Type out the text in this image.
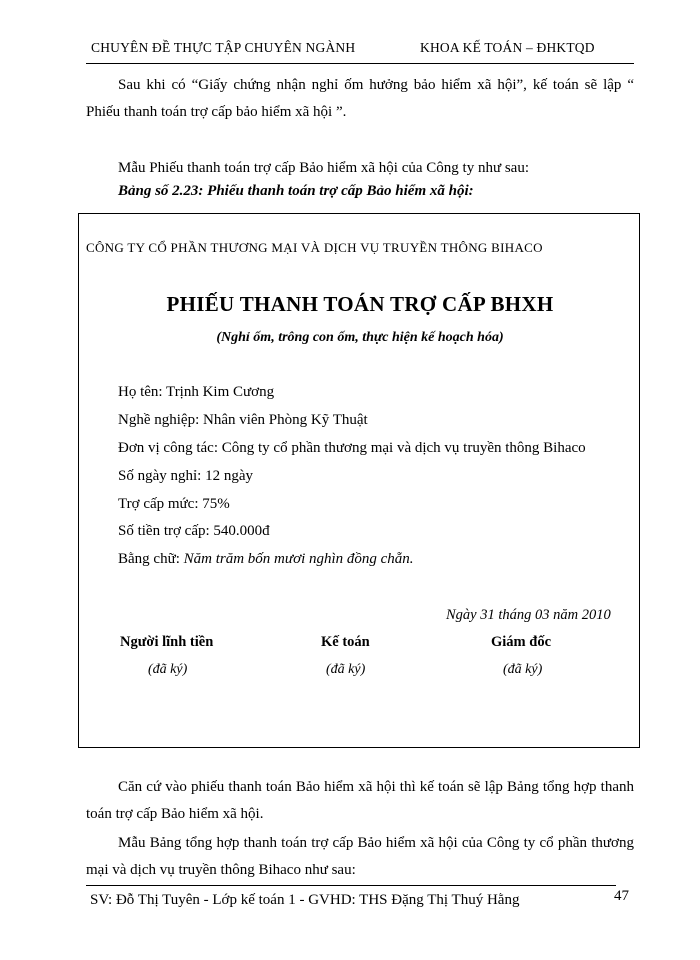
CHUYÊN ĐỀ THỰC TẬP CHUYÊN NGÀNH	KHOA KẾ TOÁN – ĐHKTQD
Sau khi có “Giấy chứng nhận nghỉ ốm hưởng bảo hiểm xã hội”, kế toán sẽ lập “ Phiếu thanh toán trợ cấp bảo hiểm xã hội ”.
Mẫu Phiếu thanh toán trợ cấp Bảo hiểm xã hội của Công ty như sau:
Bảng số 2.23: Phiếu thanh toán trợ cấp Bảo hiểm xã hội:
CÔNG TY CỔ PHẦN THƯƠNG MẠI VÀ DỊCH VỤ TRUYỀN THÔNG BIHACO
PHIẾU THANH TOÁN TRỢ CẤP BHXH
(Nghỉ ốm, trông con ốm, thực hiện kế hoạch hóa)
Họ tên: Trịnh Kim Cương
Nghề nghiệp: Nhân viên Phòng Kỹ Thuật
Đơn vị công tác: Công ty cổ phần thương mại và dịch vụ truyền thông Bihaco
Số ngày nghỉ: 12 ngày
Trợ cấp mức: 75%
Số tiền trợ cấp: 540.000đ
Bằng chữ: Năm trăm bốn mươi nghìn đồng chẵn.
Ngày 31 tháng 03 năm 2010
Người lĩnh tiền	Kế toán	Giám đốc
(đã ký)	(đã ký)	(đã ký)
Căn cứ vào phiếu thanh toán Bảo hiểm xã hội thì kế toán sẽ lập Bảng tổng hợp thanh toán trợ cấp Bảo hiểm xã hội.
Mẫu Bảng tổng hợp thanh toán trợ cấp Bảo hiểm xã hội của Công ty cổ phần thương mại và dịch vụ truyền thông Bihaco như sau:
SV: Đỗ Thị Tuyên - Lớp kế toán 1 - GVHD: THS Đặng Thị Thuý Hằng	47
